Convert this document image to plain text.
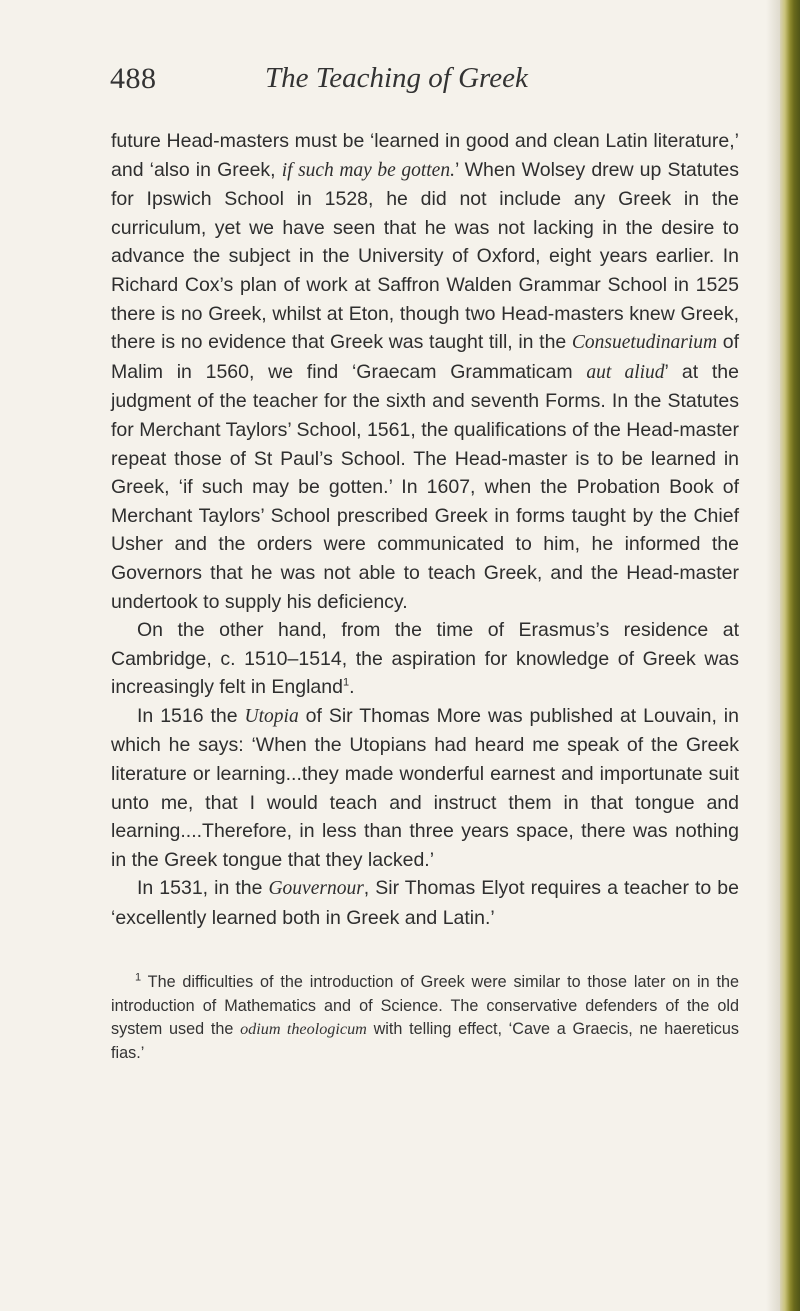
488	The Teaching of Greek

future Head-masters must be ‘learned in good and clean Latin literature,’ and ‘also in Greek, if such may be gotten.’ When Wolsey drew up Statutes for Ipswich School in 1528, he did not include any Greek in the curriculum, yet we have seen that he was not lacking in the desire to advance the subject in the University of Oxford, eight years earlier. In Richard Cox’s plan of work at Saffron Walden Grammar School in 1525 there is no Greek, whilst at Eton, though two Head-masters knew Greek, there is no evidence that Greek was taught till, in the Consuetudinarium of Malim in 1560, we find ‘Graecam Grammaticam aut aliud’ at the judgment of the teacher for the sixth and seventh Forms. In the Statutes for Merchant Taylors’ School, 1561, the qualifications of the Head-master repeat those of St Paul’s School. The Head-master is to be learned in Greek, ‘if such may be gotten.’ In 1607, when the Probation Book of Merchant Taylors’ School prescribed Greek in forms taught by the Chief Usher and the orders were communicated to him, he informed the Governors that he was not able to teach Greek, and the Head-master undertook to supply his deficiency.

On the other hand, from the time of Erasmus’s residence at Cambridge, c. 1510–1514, the aspiration for knowledge of Greek was increasingly felt in England$^1$.

In 1516 the Utopia of Sir Thomas More was published at Louvain, in which he says: ‘When the Utopians had heard me speak of the Greek literature or learning...they made wonderful earnest and importunate suit unto me, that I would teach and instruct them in that tongue and learning....Therefore, in less than three years space, there was nothing in the Greek tongue that they lacked.’

In 1531, in the Gouvernour, Sir Thomas Elyot requires a teacher to be ‘excellently learned both in Greek and Latin.’

$^1$ The difficulties of the introduction of Greek were similar to those later on in the introduction of Mathematics and of Science. The conservative defenders of the old system used the odium theologicum with telling effect, ‘Cave a Graecis, ne haereticus fias.’
